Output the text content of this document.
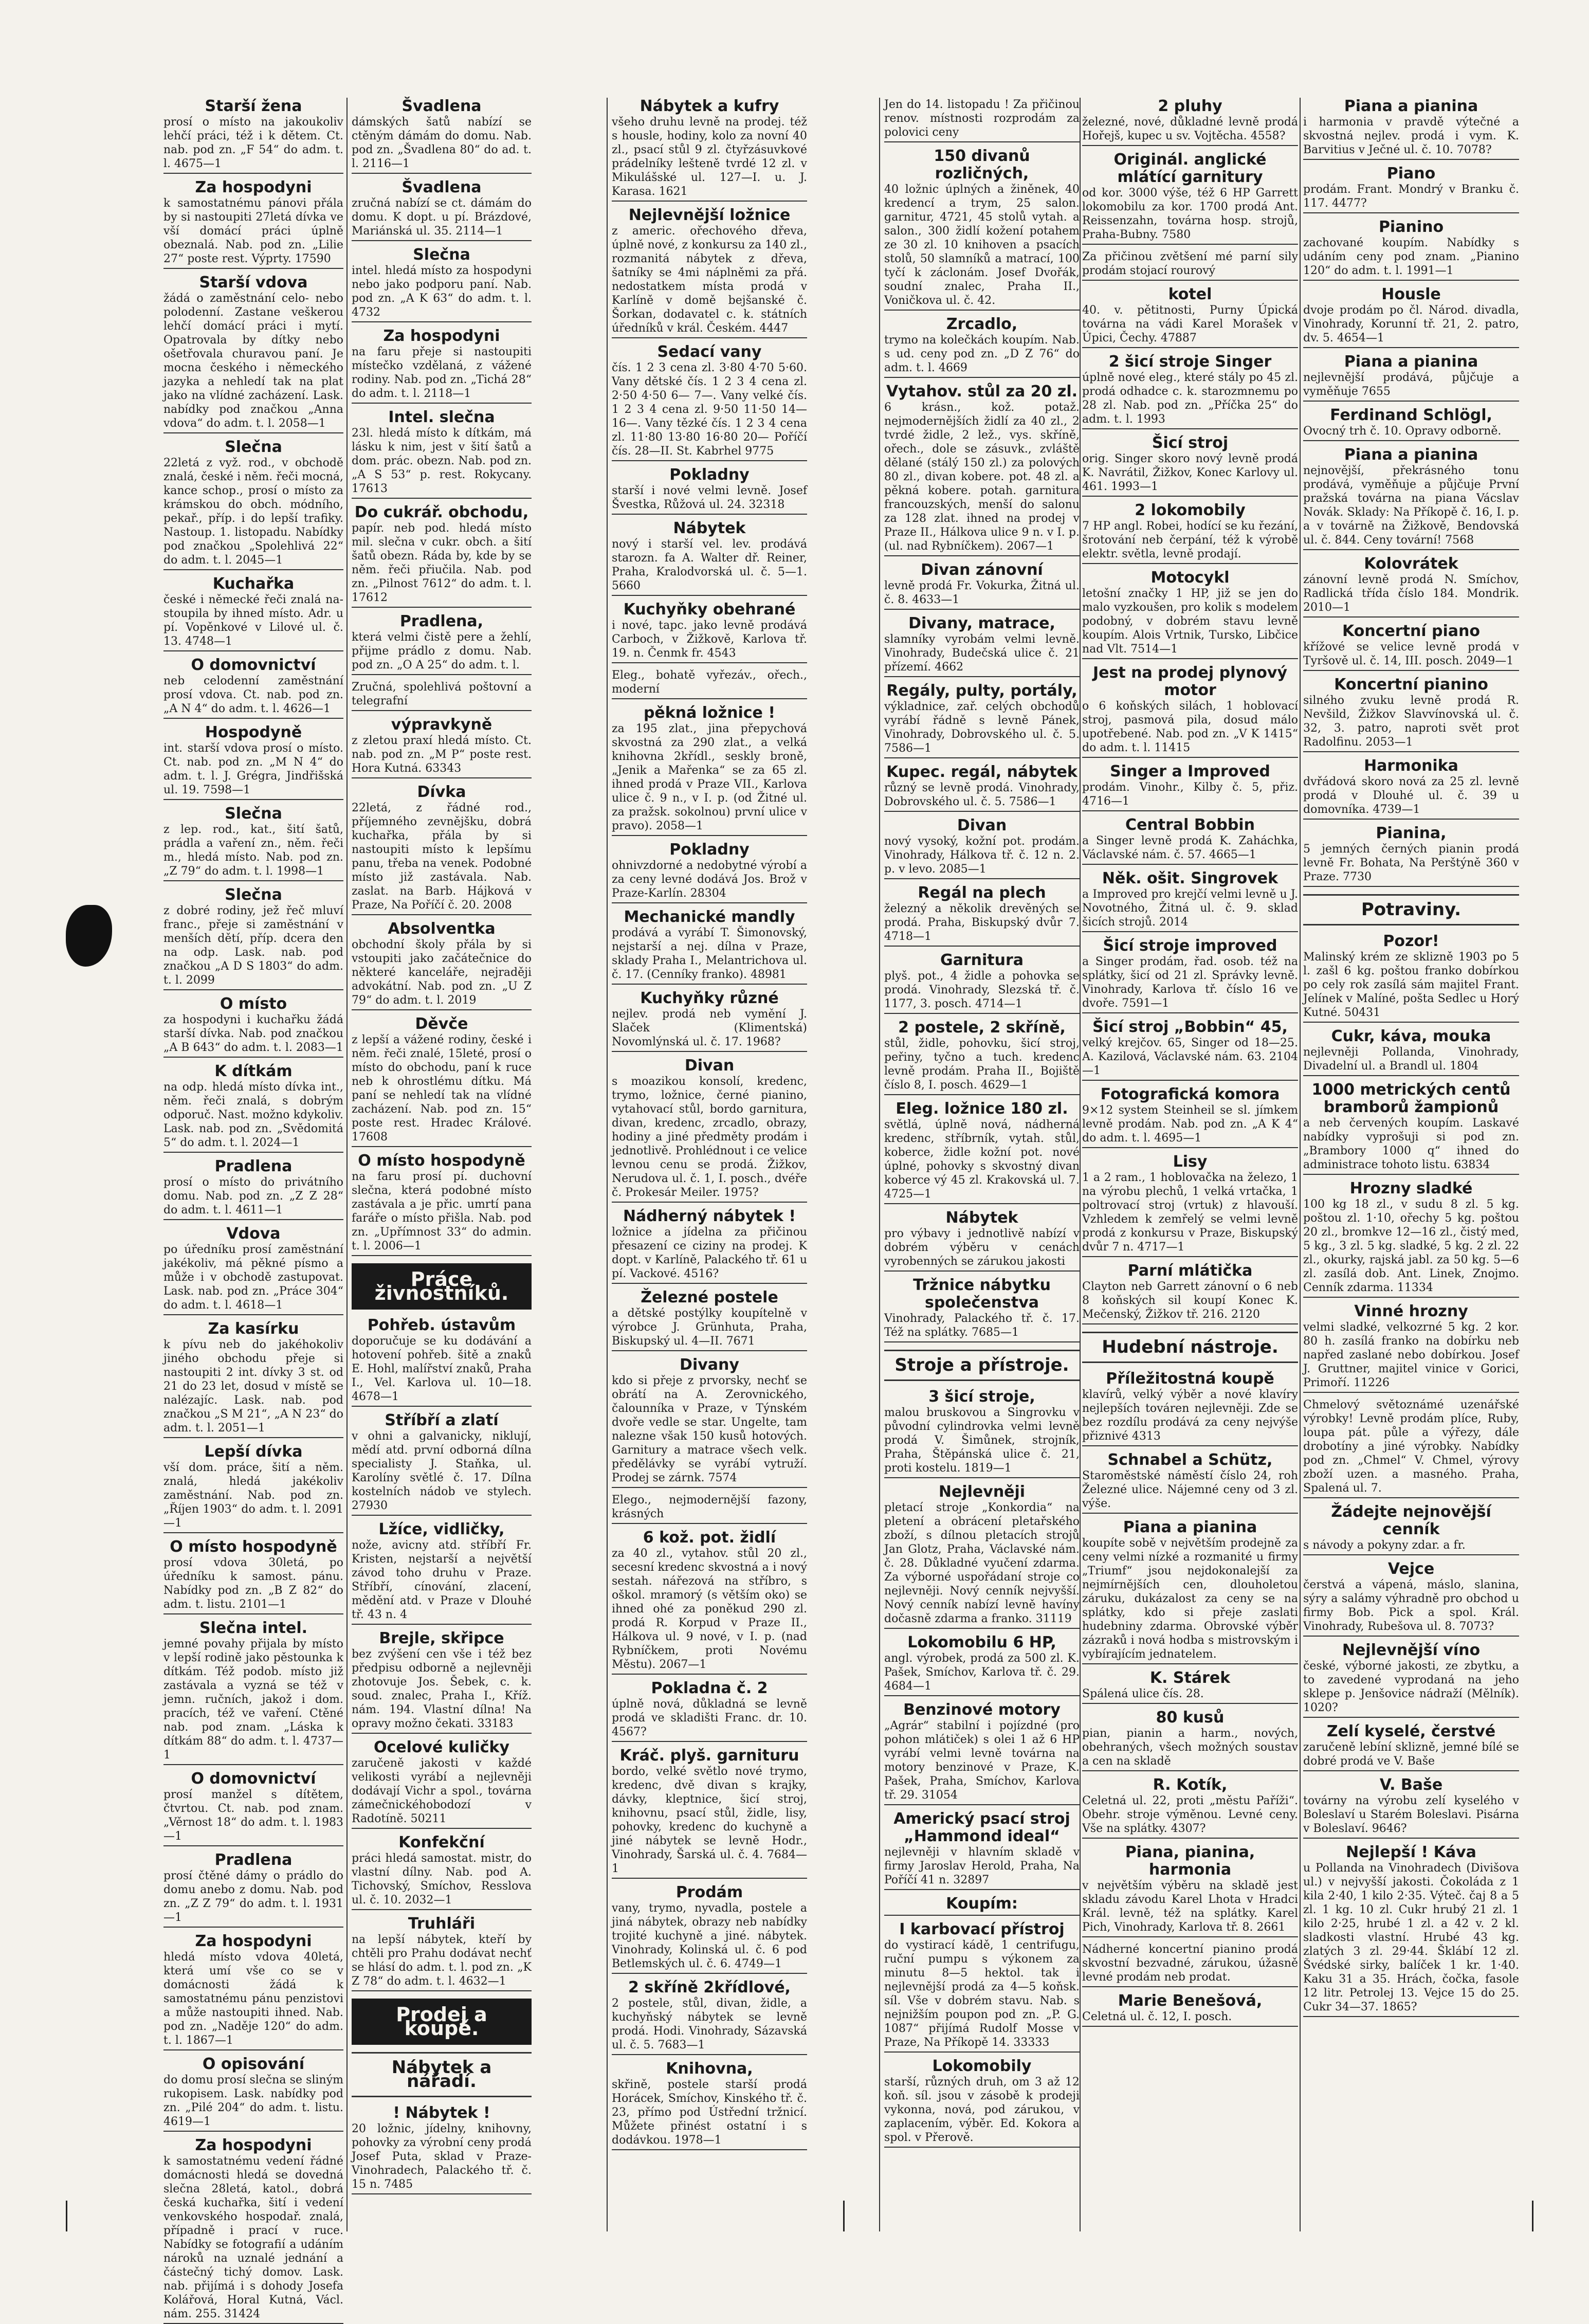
Starší žena
prosí o místo na jakoukoliv lehčí práci, též i k dětem. Ct. nab. pod zn. „F 54“ do adm. t. l. 4675—1
Za hospodyni
k samostatnému pánovi přála by si nastoupiti 27letá dívka ve vší domácí práci úplně obeznalá. Nab. pod zn. „Lilie 27“ poste rest. Výprty. 17590
Starší vdova
žádá o zaměstnání celo- nebo polodenní. Zastane veškerou lehčí domácí práci i mytí. Opatrovala by dítky nebo ošetřovala churavou paní. Je mocna českého i německého jazyka a nehledí tak na plat jako na vlídné zacházení. Lask. nabídky pod značkou „Anna vdova“ do adm. t. l. 2058—1
Slečna
22letá z vyž. rod., v obchodě znalá, české i něm. řeči mocná, kance schop., prosí o místo za krámskou do obch. módního, pekař., příp. i do lepší trafiky. Nastoup. 1. listopadu. Nabídky pod značkou „Spolehlivá 22“ do adm. t. l. 2045—1
Kuchařka
české i německé řeči znalá nastoupila by ihned místo. Adr. u pí. Vopěnkové v Lilové ul. č. 13. 4748—1
O domovnictví
neb celodenní zaměstnání prosí vdova. Ct. nab. pod zn. „A N 4“ do adm. t. l. 4626—1
Hospodyně
int. starší vdova prosí o místo. Ct. nab. pod zn. „M N 4“ do adm. t. l. J. Grégra, Jindřišská ul. 19. 7598—1
Slečna
z lep. rod., kat., šití šatů, prádla a vaření zn., něm. řeči m., hledá místo. Nab. pod zn. „Z 79“ do adm. t. l. 1998—1
Slečna
z dobré rodiny, jež řeč mluví franc., přeje si zaměstnání v menších dětí, příp. dcera den na odp. Lask. nab. pod značkou „A D S 1803“ do adm. t. l. 2099
O místo
za hospodyni i kuchařku žádá starší dívka. Nab. pod značkou „A B 643“ do adm. t. l. 2083—1
K dítkám
na odp. hledá místo dívka int., něm. řeči znalá, s dobrým odporuč. Nast. možno kdykoliv. Lask. nab. pod zn. „Svědomitá 5“ do adm. t. l. 2024—1
Pradlena
prosí o místo do privátního domu. Nab. pod zn. „Z Z 28“ do adm. t. l. 4611—1
Vdova
po úředníku prosí zaměstnání jakékoliv, má pěkné písmo a může i v obchodě zastupovat. Lask. nab. pod zn. „Práce 304“ do adm. t. l. 4618—1
Za kasírku
k pívu neb do jakéhokoliv jiného obchodu přeje si nastoupiti 2 int. dívky 3 st. od 21 do 23 let, dosud v místě se nalézajíc. Lask. nab. pod značkou „S M 21“, „A N 23“ do adm. t. l. 2051—1
Lepší dívka
vší dom. práce, šití a něm. znalá, hledá jakékoliv zaměstnání. Nab. pod zn. „Říjen 1903“ do adm. t. l. 2091—1
O místo hospodyně
prosí vdova 30letá, po úředníku k samost. pánu. Nabídky pod zn. „B Z 82“ do adm. t. listu. 2101—1
Slečna intel.
jemné povahy přijala by místo v lepší rodině jako pěstounka k dítkám. Též podob. místo již zastávala a vyzná se též v jemn. ručních, jakož i dom. pracích, též ve vaření. Ctěné nab. pod znam. „Láska k dítkám 88“ do adm. t. l. 4737—1
O domovnictví
prosí manžel s dítětem, čtvrtou. Ct. nab. pod znam. „Věrnost 18“ do adm. t. l. 1983—1
Pradlena
prosí čtěné dámy o prádlo do domu anebo z domu. Nab. pod zn. „Z Z 79“ do adm. t. l. 1931—1
Za hospodyni
hledá místo vdova 40letá, která umí vše co se v domácnosti žádá k samostatnému pánu penzistovi a může nastoupiti ihned. Nab. pod zn. „Naděje 120“ do adm. t. l. 1867—1
O opisování
do domu prosí slečna se sliným rukopisem. Lask. nabídky pod zn. „Pilé 204“ do adm. t. listu. 4619—1
Za hospodyni
k samostatnému vedení řádné domácnosti hledá se dovedná slečna 28letá, katol., dobrá česká kuchařka, šití i vedení venkovského hospodař. znalá, případně i prací v ruce. Nabídky se fotografií a udáním nároků na uznalé jednání a částečný tichý domov. Lask. nab. přijímá i s dohody Josefa Kolářová, Horal Kutná, Václ. nám. 255. 31424
Švadlena
dámských šatů nabízí se ctěným dámám do domu. Nab. pod zn. „Švadlena 80“ do ad. t. l. 2116—1
Švadlena
zručná nabízí se ct. dámám do domu. K dopt. u pí. Brázdové, Mariánská ul. 35. 2114—1
Slečna
intel. hledá místo za hospodyni nebo jako podporu paní. Nab. pod zn. „A K 63“ do adm. t. l. 4732
Za hospodyni
na faru přeje si nastoupiti místečko vzdělaná, z vážené rodiny. Nab. pod zn. „Tichá 28“ do adm. t. l. 2118—1
Intel. slečna
23l. hledá místo k dítkám, má lásku k nim, jest v šití šatů a dom. prác. obezn. Nab. pod zn. „A S 53“ p. rest. Rokycany. 17613
Do cukrář. obchodu,
papír. neb pod. hledá místo mil. slečna v cukr. obch. a šití šatů obezn. Ráda by, kde by se něm. řeči přiučila. Nab. pod zn. „Pilnost 7612“ do adm. t. l. 17612
Pradlena,
která velmi čistě pere a žehlí, přijme prádlo z domu. Nab. pod zn. „O A 25“ do adm. t. l.
Zručná, spolehlivá poštovní a telegrafní
výpravkyně
z zletou praxí hledá místo. Ct. nab. pod zn. „M P“ poste rest. Hora Kutná. 63343
Dívka
22letá, z řádné rod., příjemného zevnějšku, dobrá kuchařka, přála by si nastoupiti místo k lepšímu panu, třeba na venek. Podobné místo již zastávala. Nab. zaslat. na Barb. Hájková v Praze, Na Poříčí č. 20. 2008
Absolventka
obchodní školy přála by si vstoupiti jako začátečnice do některé kanceláře, nejraději advokátní. Nab. pod zn. „U Z 79“ do adm. t. l. 2019
Děvče
z lepší a vážené rodiny, české i něm. řeči znalé, 15leté, prosí o místo do obchodu, paní k ruce neb k ohrostlému dítku. Má paní se nehledí tak na vlídné zacházení. Nab. pod zn. 15“ poste rest. Hradec Králové. 17608
O místo hospodyně
na faru prosí pí. duchovní slečna, která podobné místo zastávala a je přic. umrtí pana faráře o místo přišla. Nab. pod zn. „Upřímnost 33“ do admin. t. l. 2006—1
Práce živnostníků.
Pohřeb. ústavům
doporučuje se ku dodávání a hotovení pohřeb. šitě a znaků E. Hohl, malířství znaků, Praha I., Vel. Karlova ul. 10—18. 4678—1
Stříbří a zlatí
v ohni a galvanicky, niklují, mědí atd. první odborná dílna specialisty J. Staňka, ul. Karolíny světlé č. 17. Dílna kostelních nádob ve stylech. 27930
Lžíce, vidličky,
nože, avicny atd. stříbří Fr. Kristen, nejstarší a největší závod toho druhu v Praze. Stříbří, cínování, zlacení, mědění atd. v Praze v Dlouhé tř. 43 n. 4
Brejle, skřipce
bez zvýšení cen vše i též bez předpisu odborně a nejlevněji zhotovuje Jos. Šebek, c. k. soud. znalec, Praha I., Kříž. nám. 194. Vlastní dílna! Na opravy možno čekati. 33183
Ocelové kuličky
zaručeně jakosti v každé velikosti vyrábí a nejlevněji dodávají Vichr a spol., továrna zámečnickéhobodozí v Radotíně. 50211
Konfekční
práci hledá samostat. mistr, do vlastní dílny. Nab. pod A. Tichovský, Smíchov, Resslova ul. č. 10. 2032—1
Truhláři
na lepší nábytek, kteří by chtěli pro Prahu dodávat nechť se hlásí do adm. t. l. pod zn. „K Z 78“ do adm. t. l. 4632—1
Prodej a koupě.
Nábytek a nářadí.
! Nábytek !
20 ložnic, jídelny, knihovny, pohovky za výrobní ceny prodá Josef Puta, sklad v Praze-Vinohradech, Palackého tř. č. 15 n. 7485
Nábytek a kufry
všeho druhu levně na prodej. též s housle, hodiny, kolo za novní 40 zl., psací stůl 9 zl. čtyřzásuvkové prádelníky lešteně tvrdé 12 zl. v Mikulášské ul. 127—I. u. J. Karasa. 1621
Nejlevnější ložnice
z americ. ořechového dřeva, úplně nové, z konkursu za 140 zl., rozmanitá nábytek z dřeva, šatníky se 4mi náplněmi za přá. nedostatkem místa prodá v Karlíně v domě bejšanské č. Šorkan, dodavatel c. k. státních úředníků v král. Českém. 4447
Sedací vany
čís. 1 2 3 cena zl. 3·80 4·70 5·60. Vany dětské čís. 1 2 3 4 cena zl. 2·50 4·50 6— 7—. Vany velké čís. 1 2 3 4 cena zl. 9·50 11·50 14— 16—. Vany tězké čís. 1 2 3 4 cena zl. 11·80 13·80 16·80 20— Poříčí čís. 28—II. St. Kabrhel 9775
Pokladny
starší i nové velmi levně. Josef Švestka, Růžová ul. 24. 32318
Nábytek
nový i starší vel. lev. prodává starozn. fa A. Walter dř. Reiner, Praha, Kralodvorská ul. č. 5—1. 5660
Kuchyňky obehrané
i nové, tapc. jako levně prodává Carboch, v Žižkově, Karlova tř. 19. n. Čenmk fr. 4543
Eleg., bohatě vyřezáv., ořech., moderní
pěkná ložnice !
za 195 zlat., jina přepychová skvostná za 290 zlat., a velká knihovna 2křídl., seskly broně, „Jenik a Mařenka“ se za 65 zl. ihned prodá v Praze VII., Karlova ulice č. 9 n., v I. p. (od Žitné ul. za pražsk. sokolnou) první ulice v pravo). 2058—1
Pokladny
ohnivzdorné a nedobytné výrobí a za ceny levné dodává Jos. Brož v Praze-Karlín. 28304
Mechanické mandly
prodává a vyrábí T. Šimonovský, nejstarší a nej. dílna v Praze, sklady Praha I., Melantrichova ul. č. 17. (Cenníky franko). 48981
Kuchyňky různé
nejlev. prodá neb vymění J. Slaček (Klimentská) Novomlýnská ul. č. 17. 1968?
Divan
s moazikou konsolí, kredenc, trymo, ložnice, černé pianino, vytahovací stůl, bordo garnitura, divan, kredenc, zrcadlo, obrazy, hodiny a jiné předměty prodám i jednotlivě. Prohlédnout i ce velice levnou cenu se prodá. Žižkov, Nerudova ul. č. 1, I. posch., dvéře č. Prokesár Meiler. 1975?
Nádherný nábytek !
ložnice a jídelna za přičinou přesazení ce ciziny na prodej. K dopt. v Karlíně, Palackého tř. 61 u pí. Vackové. 4516?
Železné postele
a dětské postýlky koupítelně v výrobce J. Grünhuta, Praha, Biskupský ul. 4—II. 7671
Divany
kdo si přeje z prvorsky, nechť se obrátí na A. Zerovnického, čalounníka v Praze, v Týnském dvoře vedle se star. Ungelte, tam nalezne však 150 kusů hotových. Garnitury a matrace všech velk. předělávky se vyrábí vytruží. Prodej se zárnk. 7574
Elego., nejmodernější fazony, krásných
6 kož. pot. židlí
za 40 zl., vytahov. stůl 20 zl., secesní kredenc skvostná a i nový sestah. nářezová na stříbro, s oškol. mramorý (s větším oko) se ihned ohé za poněkud 290 zl. prodá R. Korpud v Praze II., Hálkova ul. 9 nové, v I. p. (nad Rybníčkem, proti Novému Městu). 2067—1
Pokladna č. 2
úplně nová, důkladná se levně prodá ve skladišti Franc. dr. 10. 4567?
Kráč. plyš. garnituru
bordo, velké světlo nové trymo, kredenc, dvě divan s krajky, dávky, kleptnice, šicí stroj, knihovnu, psací stůl, židle, lisy, pohovky, kredenc do kuchyně a jiné nábytek se levně Hodr., Vinohrady, Šarská ul. č. 4. 7684—1
Prodám
vany, trymo, nyvadla, postele a jiná nábytek, obrazy neb nabídky trojité kuchyně a jiné. nábytek. Vinohrady, Kolinská ul. č. 6 pod Betlemských ul. č. 6. 4749—1
2 skříně 2křídlové,
2 postele, stůl, divan, židle, a kuchyňský nábytek se levně prodá. Hodi. Vinohrady, Sázavská ul. č. 5. 7683—1
Knihovna,
skřině, postele starší prodá Horácek, Smíchov, Kinského tř. č. 23, přímo pod Ústřední tržnicí. Můžete přinést ostatní i s dodávkou. 1978—1
Jen do 14. listopadu ! Za přičinou renov. místnosti rozprodám za polovici ceny
150 divanů rozličných,
40 ložnic úplných a žiněnek, 40 kredencí a trym, 25 salon. garnitur, 4721, 45 stolů vytah. a salon., 300 židlí kožení potahem ze 30 zl. 10 knihoven a psacích stolů, 50 slamníků a matrací, 100 tyčí k záclonám. Josef Dvořák, soudní znalec, Praha II., Voničkova ul. č. 42.
Zrcadlo,
trymo na kolečkách koupím. Nab. s ud. ceny pod zn. „D Z 76“ do adm. t. l. 4669
Vytahov. stůl za 20 zl.
6 krásn., kož. potaž. nejmodernějších židlí za 40 zl., 2 tvrdé židle, 2 lež., vys. skříně, ořech., dole se zásuvk., zvláště dělané (stálý 150 zl.) za polových 80 zl., divan kobere. pot. 48 zl. a pěkná kobere. potah. garnitura francouzských, menší do salonu za 128 zlat. ihned na prodej v Praze II., Hálkova ulice 9 n. v I. p. (ul. nad Rybníčkem). 2067—1
Divan zánovní
levně prodá Fr. Vokurka, Žitná ul. č. 8. 4633—1
Divany, matrace,
slamníky vyrobám velmi levně. Vinohrady, Budečská ulice č. 21 přízemí. 4662
Regály, pulty, portály,
výkladnice, zař. celých obchodů vyrábí řádně s levně Pánek, Vinohrady, Dobrovského ul. č. 5. 7586—1
Kupec. regál, nábytek
různý se levně prodá. Vinohrady, Dobrovského ul. č. 5. 7586—1
Divan
nový vysoký, kožní pot. prodám. Vinohrady, Hálkova tř. č. 12 n. 2. p. v levo. 2085—1
Regál na plech
železný a několik drevěných se prodá. Praha, Biskupský dvůr 7. 4718—1
Garnitura
plyš. pot., 4 židle a pohovka se prodá. Vinohrady, Slezská tř. č. 1177, 3. posch. 4714—1
2 postele, 2 skříně,
stůl, židle, pohovku, šicí stroj, peřiny, tyčno a tuch. kredenc levně prodám. Praha II., Bojiště číslo 8, I. posch. 4629—1
Eleg. ložnice 180 zl.
světlá, úplně nová, nádherná kredenc, stříbrník, vytah. stůl, koberce, židle kožní pot. nové úplné, pohovky s skvostný divan koberce vý 45 zl. Krakovská ul. 7. 4725—1
Nábytek
pro výbavy i jednotlivě nabízí v dobrém výběru v cenách vyrobenných se zárukou jakosti
Tržnice nábytku společenstva
Vinohrady, Palackého tř. č. 17. Též na splátky. 7685—1
Stroje a přístroje.
3 šicí stroje,
malou bruskovou a Singrovku v původní cylindrovka velmi levně prodá V. Šimůnek, strojník, Praha, Štěpánská ulice č. 21, proti kostelu. 1819—1
Nejlevněji
pletací stroje „Konkordia“ na pletení a obrácení pletařského zboží, s dílnou pletacích strojů Jan Glotz, Praha, Václavské nám. č. 28. Důkladné vyučení zdarma. Za výborné uspořádaní stroje co nejlevněji. Nový cenník nejvyšší. Nový cenník nabízí levně havíny dočasně zdarma a franko. 31119
Lokomobilu 6 HP,
angl. výrobek, prodá za 500 zl. K. Pašek, Smíchov, Karlova tř. č. 29. 4684—1
Benzinové motory
„Agrár“ stabilní i pojízdné (pro pohon mlátiček) s olei 1 až 6 HP vyrábí velmi levně továrna na motory benzinové v Praze, K. Pašek, Praha, Smíchov, Karlova tř. 29. 31054
Americký psací stroj „Hammond ideal“
nejlevněji v hlavním skladě v firmy Jaroslav Herold, Praha, Na Poříčí 41 n. 32897
Koupím:
I karbovací přístroj
do vystirací kádě, 1 centrifugu, ruční pumpu s výkonem za minutu 8—5 hektol. tak i nejlevnější prodá za 4—5 koňsk. síl. Vše v dobrém stavu. Nab. s nejnižším poupon pod zn. „P. G. 1087“ přijímá Rudolf Mosse v Praze, Na Příkopě 14. 33333
Lokomobily
starší, různých druh, om 3 až 12 koň. síl. jsou v zásobě k prodeji vykonna, nová, pod zárukou, v zaplacením, výběr. Ed. Kokora a spol. v Přerově.
2 pluhy
železné, nové, důkladné levně prodá Hořejš, kupec u sv. Vojtěcha. 4558?
Originál. anglické mlátící garnitury
od kor. 3000 výše, též 6 HP Garrett lokomobilu za kor. 1700 prodá Ant. Reissenzahn, továrna hosp. strojů, Praha-Bubny. 7580
Za přičinou zvětšení mé parní sily prodám stojací rourový
kotel
40. v. pětitnosti, Purny Úpická továrna na vádi Karel Morašek v Úpici, Čechy. 47887
2 šicí stroje Singer
úplně nové eleg., které stály po 45 zl. prodá odhadce c. k. starozmnemu po 28 zl. Nab. pod zn. „Příčka 25“ do adm. t. l. 1993
Šicí stroj
orig. Singer skoro nový levně prodá K. Navrátil, Žižkov, Konec Karlovy ul. 461. 1993—1
2 lokomobily
7 HP angl. Robei, hodící se ku řezání, šrotování neb čerpání, též k výrobě elektr. světla, levně prodají.
Motocykl
letošní značky 1 HP, již se jen do malo vyzkoušen, pro kolik s modelem podobný, v dobrém stavu levně koupím. Alois Vrtnik, Tursko, Libčice nad Vlt. 7514—1
Jest na prodej plynový motor
o 6 koňských silách, 1 hoblovací stroj, pasmová pila, dosud málo upotřebené. Nab. pod zn. „V K 1415“ do adm. t. l. 11415
Singer a Improved
prodám. Vinohr., Kilby č. 5, přiz. 4716—1
Central Bobbin
a Singer levně prodá K. Zaháchka, Václavské nám. č. 57. 4665—1
Něk. ošit. Singrovek
a Improved pro krejčí velmi levně u J. Novotného, Žitná ul. č. 9. sklad šicích strojů. 2014
Šicí stroje improved
a Singer prodám, řad. osob. též na splátky, šicí od 21 zl. Správky levně. Vinohrady, Karlova tř. číslo 16 ve dvoře. 7591—1
Šicí stroj „Bobbin“ 45,
velký krejčov. 65, Singer od 18—25. A. Kazilová, Václavské nám. 63. 2104—1
Fotografická komora
9×12 system Steinheil se sl. jímkem levně prodám. Nab. pod zn. „A K 4“ do adm. t. l. 4695—1
Lisy
1 a 2 ram., 1 hoblovačka na železo, 1 na výrobu plechů, 1 velká vrtačka, 1 poltrovací stroj (vrtuk) z hlavouší. Vzhledem k zemřelý se velmi levně prodá z konkursu v Praze, Biskupský dvůr 7 n. 4717—1
Parní mlátička
Clayton neb Garrett zánovní o 6 neb 8 koňských sil koupí Konec K. Mečenský, Žižkov tř. 216. 2120
Hudební nástroje.
Příležitostná koupě
klavírů, velký výběr a nové klavíry nejlepších továren nejlevněji. Zde se bez rozdílu prodává za ceny nejvýše přiznivé 4313
Schnabel a Schütz,
Staroměstské náměstí číslo 24, roh Železné ulice. Nájemné ceny od 3 zl. výše.
Piana a pianina
koupíte sobě v největším prodejně za ceny velmi nízké a rozmanité u firmy „Triumf“ jsou nejdokonalejší za nejmírnějších cen, dlouholetou záruku, dukázalost za ceny se na splátky, kdo si přeje zaslati hudebniny zdarma. Obrovské výběr zázraků i nová hodba s mistrovským i vybírajícím jednatelem.
K. Stárek
Spálená ulice čís. 28.
80 kusů
pian, pianin a harm., nových, obehraných, všech možných soustav a cen na skladě
R. Kotík,
Celetná ul. 22, proti „městu Paříži“. Obehr. stroje výměnou. Levné ceny. Vše na splátky. 4307?
Piana, pianina, harmonia
v největším výběru na skladě jest skladu závodu Karel Lhota v Hradci Král. levně, též na splátky. Karel Pich, Vinohrady, Karlova tř. 8. 2661
Nádherné koncertní pianino prodá skvostní bezvadné, zárukou, úžasně levné prodám neb prodat.
Marie Benešová,
Celetná ul. č. 12, I. posch.
Piana a pianina
i harmonia v pravdě výtečné a skvostná nejlev. prodá i vym. K. Barvitius v Ječné ul. č. 10. 7078?
Piano
prodám. Frant. Mondrý v Branku č. 117. 4477?
Pianino
zachované koupím. Nabídky s udáním ceny pod znam. „Pianino 120“ do adm. t. l. 1991—1
Housle
dvoje prodám po čl. Národ. divadla, Vinohrady, Korunní tř. 21, 2. patro, dv. 5. 4654—1
Piana a pianina
nejlevnější prodává, půjčuje a vyměňuje 7655
Ferdinand Schlögl,
Ovocný trh č. 10. Opravy odborně.
Piana a pianina
nejnovější, překrásného tonu prodává, vyměňuje a půjčuje První pražská továrna na piana Vácslav Novák. Sklady: Na Příkopě č. 16, I. p. a v továrně na Žižkově, Bendovská ul. č. 844. Ceny tovární! 7568
Kolovrátek
zánovní levně prodá N. Smíchov, Radlická třída číslo 184. Mondrik. 2010—1
Koncertní piano
křížové se velice levně prodá v Tyršově ul. č. 14, III. posch. 2049—1
Koncertní pianino
silného zvuku levně prodá R. Nevšild, Žižkov Slavvínovská ul. č. 32, 3. patro, naproti svět prot Radolfinu. 2053—1
Harmonika
dvřádová skoro nová za 25 zl. levně prodá v Dlouhé ul. č. 39 u domovníka. 4739—1
Pianina,
5 jemných černých pianin prodá levně Fr. Bohata, Na Perštýně 360 v Praze. 7730
Potraviny.
Pozor!
Malinský krém ze sklizně 1903 po 5 l. zašl 6 kg. poštou franko dobírkou po cely rok zasílá sám majitel Frant. Jelínek v Malíné, pošta Sedlec u Horý Kutné. 50431
Cukr, káva, mouka
nejlevněji Pollanda, Vinohrady, Divadelní ul. a Brandl ul. 1804
1000 metrických centů bramborů žampionů
a neb červených koupím. Laskavé nabídky vyprošuji si pod zn. „Brambory 1000 q“ ihned do administrace tohoto listu. 63834
Hrozny sladké
100 kg 18 zl., v sudu 8 zl. 5 kg. poštou zl. 1·10, ořechy 5 kg. poštou 20 zl., bromkve 12—16 zl., čistý med, 5 kg., 3 zl. 5 kg. sladké, 5 kg. 2 zl. 22 zl., okurky, rajská jabl. za 50 kg. 5—6 zl. zasílá dob. Ant. Linek, Znojmo. Cenník zdarma. 11334
Vinné hrozny
velmi sladké, velkozrné 5 kg. 2 kor. 80 h. zasílá franko na dobírku neb napřed zaslané nebo dobírkou. Josef J. Gruttner, majitel vinice v Gorici, Primoří. 11226
Chmelový světoznámé uzenářské výrobky! Levně prodám plíce, Ruby, loupa pát. půle a výřezy, dále drobotíny a jiné výrobky. Nabídky pod zn. „Chmel“ V. Chmel, výrovy zboží uzen. a masného. Praha, Spalená ul. 7.
Žádejte nejnovější cenník
s návody a pokyny zdar. a fr.
Vejce
čerstvá a vápená, máslo, slanina, sýry a salámy výhradně pro obchod u firmy Bob. Pick a spol. Král. Vinohrady, Rubešova ul. 8. 7073?
Nejlevnější víno
české, výborné jakosti, ze zbytku, a to zavedené vyprodaná na jeho sklepe p. Jenšovice nádraží (Mělník). 1020?
Zelí kyselé, čerstvé
zaručeně lebíní sklizně, jemné bílé se dobré prodá ve V. Baše
V. Baše
továrny na výrobu zelí kyselého v Boleslaví u Starém Boleslavi. Pisárna v Boleslaví. 9646?
Nejlepší ! Káva
u Pollanda na Vinohradech (Divišova ul.) v nejvyšší jakosti. Čokoláda z 1 kila 2·40, 1 kilo 2·35. Výteč. čaj 8 a 5 zl. 1 kg. 10 zl. Cukr hrubý 21 zl. 1 kilo 2·25, hrubé 1 zl. a 42 v. 2 kl. sladkosti vlastní. Hrubé 43 kg. zlatých 3 zl. 29·44. Šklábí 12 zl. Švédské sirky, balíček 1 kr. 1·40. Kaku 31 a 35. Hrách, čočka, fasole 12 litr. Petrolej 13. Vejce 15 do 25. Cukr 34—37. 1865?
